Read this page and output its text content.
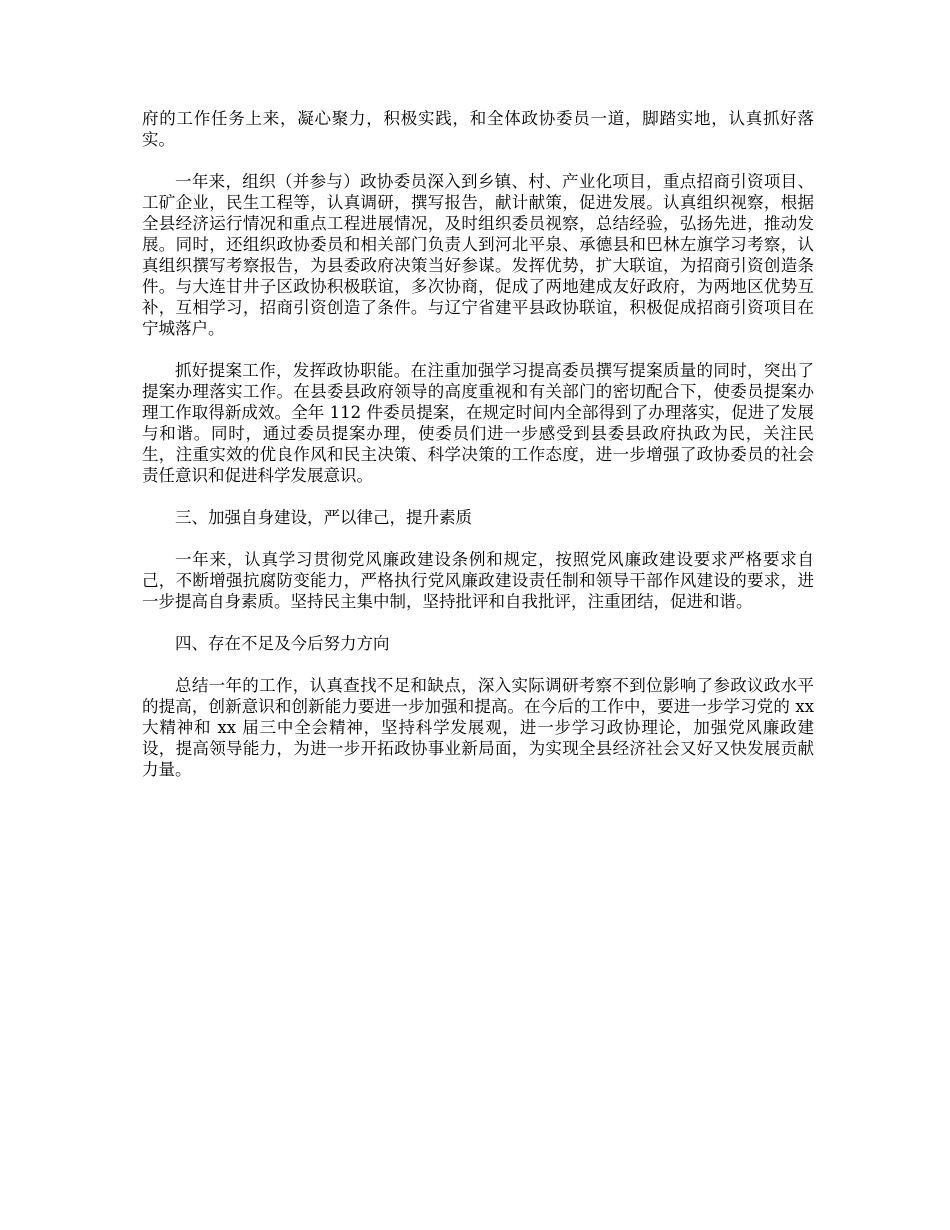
府的工作任务上来，凝心聚力，积极实践，和全体政协委员一道，脚踏实地，认真抓好落实。

一年来，组织（并参与）政协委员深入到乡镇、村、产业化项目，重点招商引资项目、工矿企业，民生工程等，认真调研，撰写报告，献计献策，促进发展。认真组织视察，根据全县经济运行情况和重点工程进展情况，及时组织委员视察，总结经验，弘扬先进，推动发展。同时，还组织政协委员和相关部门负责人到河北平泉、承德县和巴林左旗学习考察，认真组织撰写考察报告，为县委政府决策当好参谋。发挥优势，扩大联谊，为招商引资创造条件。与大连甘井子区政协积极联谊，多次协商，促成了两地建成友好政府，为两地区优势互补，互相学习，招商引资创造了条件。与辽宁省建平县政协联谊，积极促成招商引资项目在宁城落户。

抓好提案工作，发挥政协职能。在注重加强学习提高委员撰写提案质量的同时，突出了提案办理落实工作。在县委县政府领导的高度重视和有关部门的密切配合下，使委员提案办理工作取得新成效。全年 112 件委员提案，在规定时间内全部得到了办理落实，促进了发展与和谐。同时，通过委员提案办理，使委员们进一步感受到县委县政府执政为民，关注民生，注重实效的优良作风和民主决策、科学决策的工作态度，进一步增强了政协委员的社会责任意识和促进科学发展意识。

三、加强自身建设，严以律己，提升素质

一年来，认真学习贯彻党风廉政建设条例和规定，按照党风廉政建设要求严格要求自己，不断增强抗腐防变能力，严格执行党风廉政建设责任制和领导干部作风建设的要求，进一步提高自身素质。坚持民主集中制，坚持批评和自我批评，注重团结，促进和谐。

四、存在不足及今后努力方向

总结一年的工作，认真查找不足和缺点，深入实际调研考察不到位影响了参政议政水平的提高，创新意识和创新能力要进一步加强和提高。在今后的工作中，要进一步学习党的 xx 大精神和 xx 届三中全会精神，坚持科学发展观，进一步学习政协理论，加强党风廉政建设，提高领导能力，为进一步开拓政协事业新局面，为实现全县经济社会又好又快发展贡献力量。
